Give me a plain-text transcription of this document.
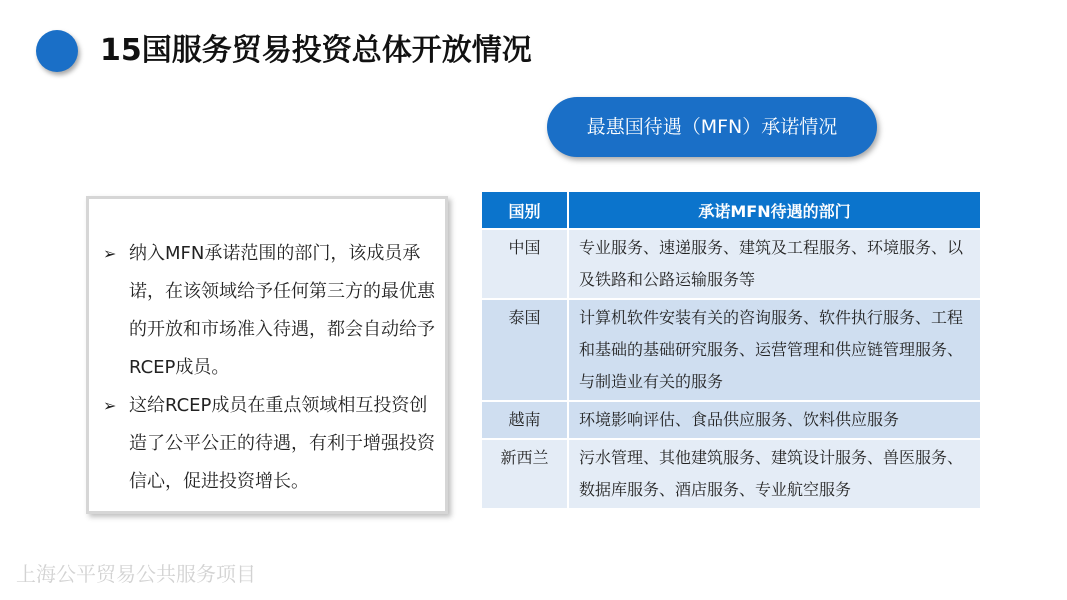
15国服务贸易投资总体开放情况
最惠国待遇（MFN）承诺情况
➢ 纳入MFN承诺范围的部门，该成员承诺，在该领域给予任何第三方的最优惠的开放和市场准入待遇，都会自动给予RCEP成员。
➢ 这给RCEP成员在重点领域相互投资创造了公平公正的待遇，有利于增强投资信心，促进投资增长。
国别	承诺MFN待遇的部门
中国	专业服务、速递服务、建筑及工程服务、环境服务、以及铁路和公路运输服务等
泰国	计算机软件安装有关的咨询服务、软件执行服务、工程和基础的基础研究服务、运营管理和供应链管理服务、与制造业有关的服务
越南	环境影响评估、食品供应服务、饮料供应服务
新西兰	污水管理、其他建筑服务、建筑设计服务、兽医服务、数据库服务、酒店服务、专业航空服务
上海公平贸易公共服务项目
